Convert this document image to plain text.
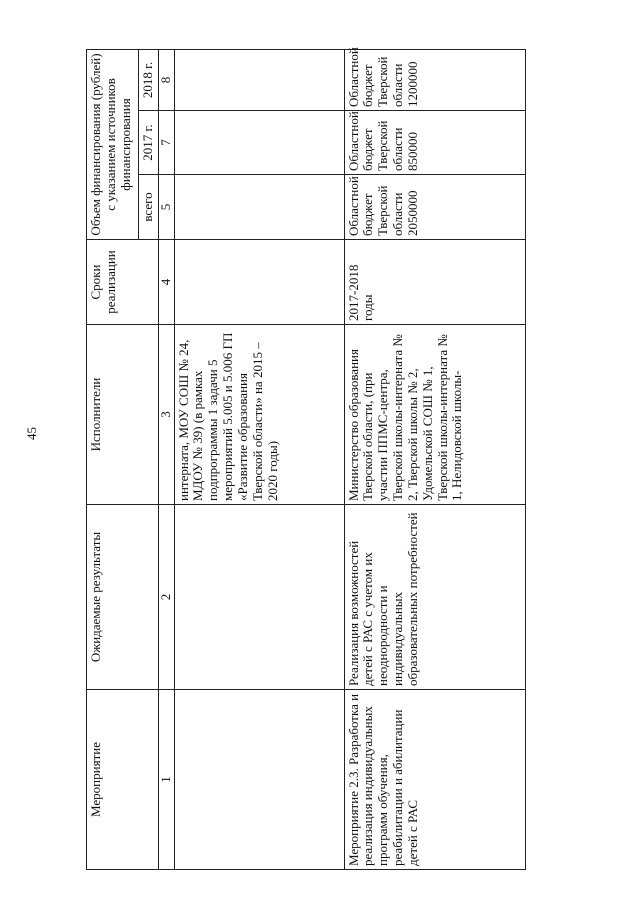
45
Мероприятие	Ожидаемые результаты	Исполнители	Сроки реализации	Объем финансирования (рублей) с указанием источников финансирования		
				всего	2017 г.	2018 г.
1	2	3	4	5	7	8
		интерната, МОУ СОШ № 24, МДОУ № 39) (в рамках подпрограммы 1 задачи 5 мероприятий 5.005 и 5.006 ГП «Развитие образования Тверской области» на 2015 – 2020 годы)				
Мероприятие 2.3. Разработка и реализация индивидуальных программ обучения, реабилитации и абилитации детей с РАС	Реализация возможностей детей с РАС с учетом их неоднородности и индивидуальных образовательных потребностей	Министерство образования Тверской области, (при участии ППМС-центра, Тверской школы-интерната № 2, Тверской школы № 2, Удомельской СОШ № 1, Тверской школы-интерната № 1, Нелидовской школы-	2017-2018 годы	Областной бюджет Тверской области 2050000	Областной бюджет Тверской области 850000	Областной бюджет Тверской области 1200000
